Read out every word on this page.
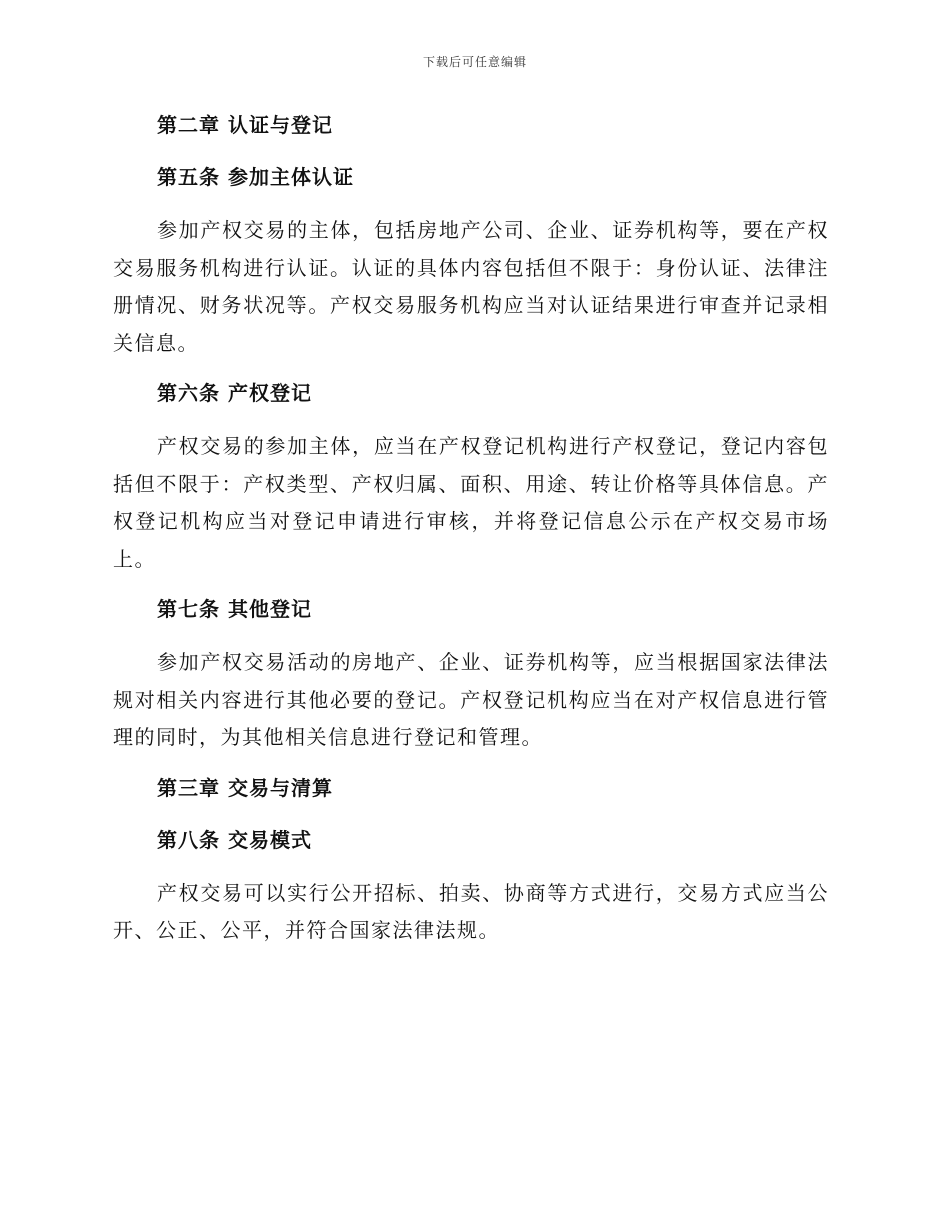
下载后可任意编辑
第二章 认证与登记
第五条 参加主体认证

参加产权交易的主体，包括房地产公司、企业、证券机构等，要在产权交易服务机构进行认证。认证的具体内容包括但不限于：身份认证、法律注册情况、财务状况等。产权交易服务机构应当对认证结果进行审查并记录相关信息。

第六条 产权登记

产权交易的参加主体，应当在产权登记机构进行产权登记，登记内容包括但不限于：产权类型、产权归属、面积、用途、转让价格等具体信息。产权登记机构应当对登记申请进行审核，并将登记信息公示在产权交易市场上。

第七条 其他登记

参加产权交易活动的房地产、企业、证券机构等，应当根据国家法律法规对相关内容进行其他必要的登记。产权登记机构应当在对产权信息进行管理的同时，为其他相关信息进行登记和管理。

第三章 交易与清算
第八条 交易模式

产权交易可以实行公开招标、拍卖、协商等方式进行，交易方式应当公开、公正、公平，并符合国家法律法规。
